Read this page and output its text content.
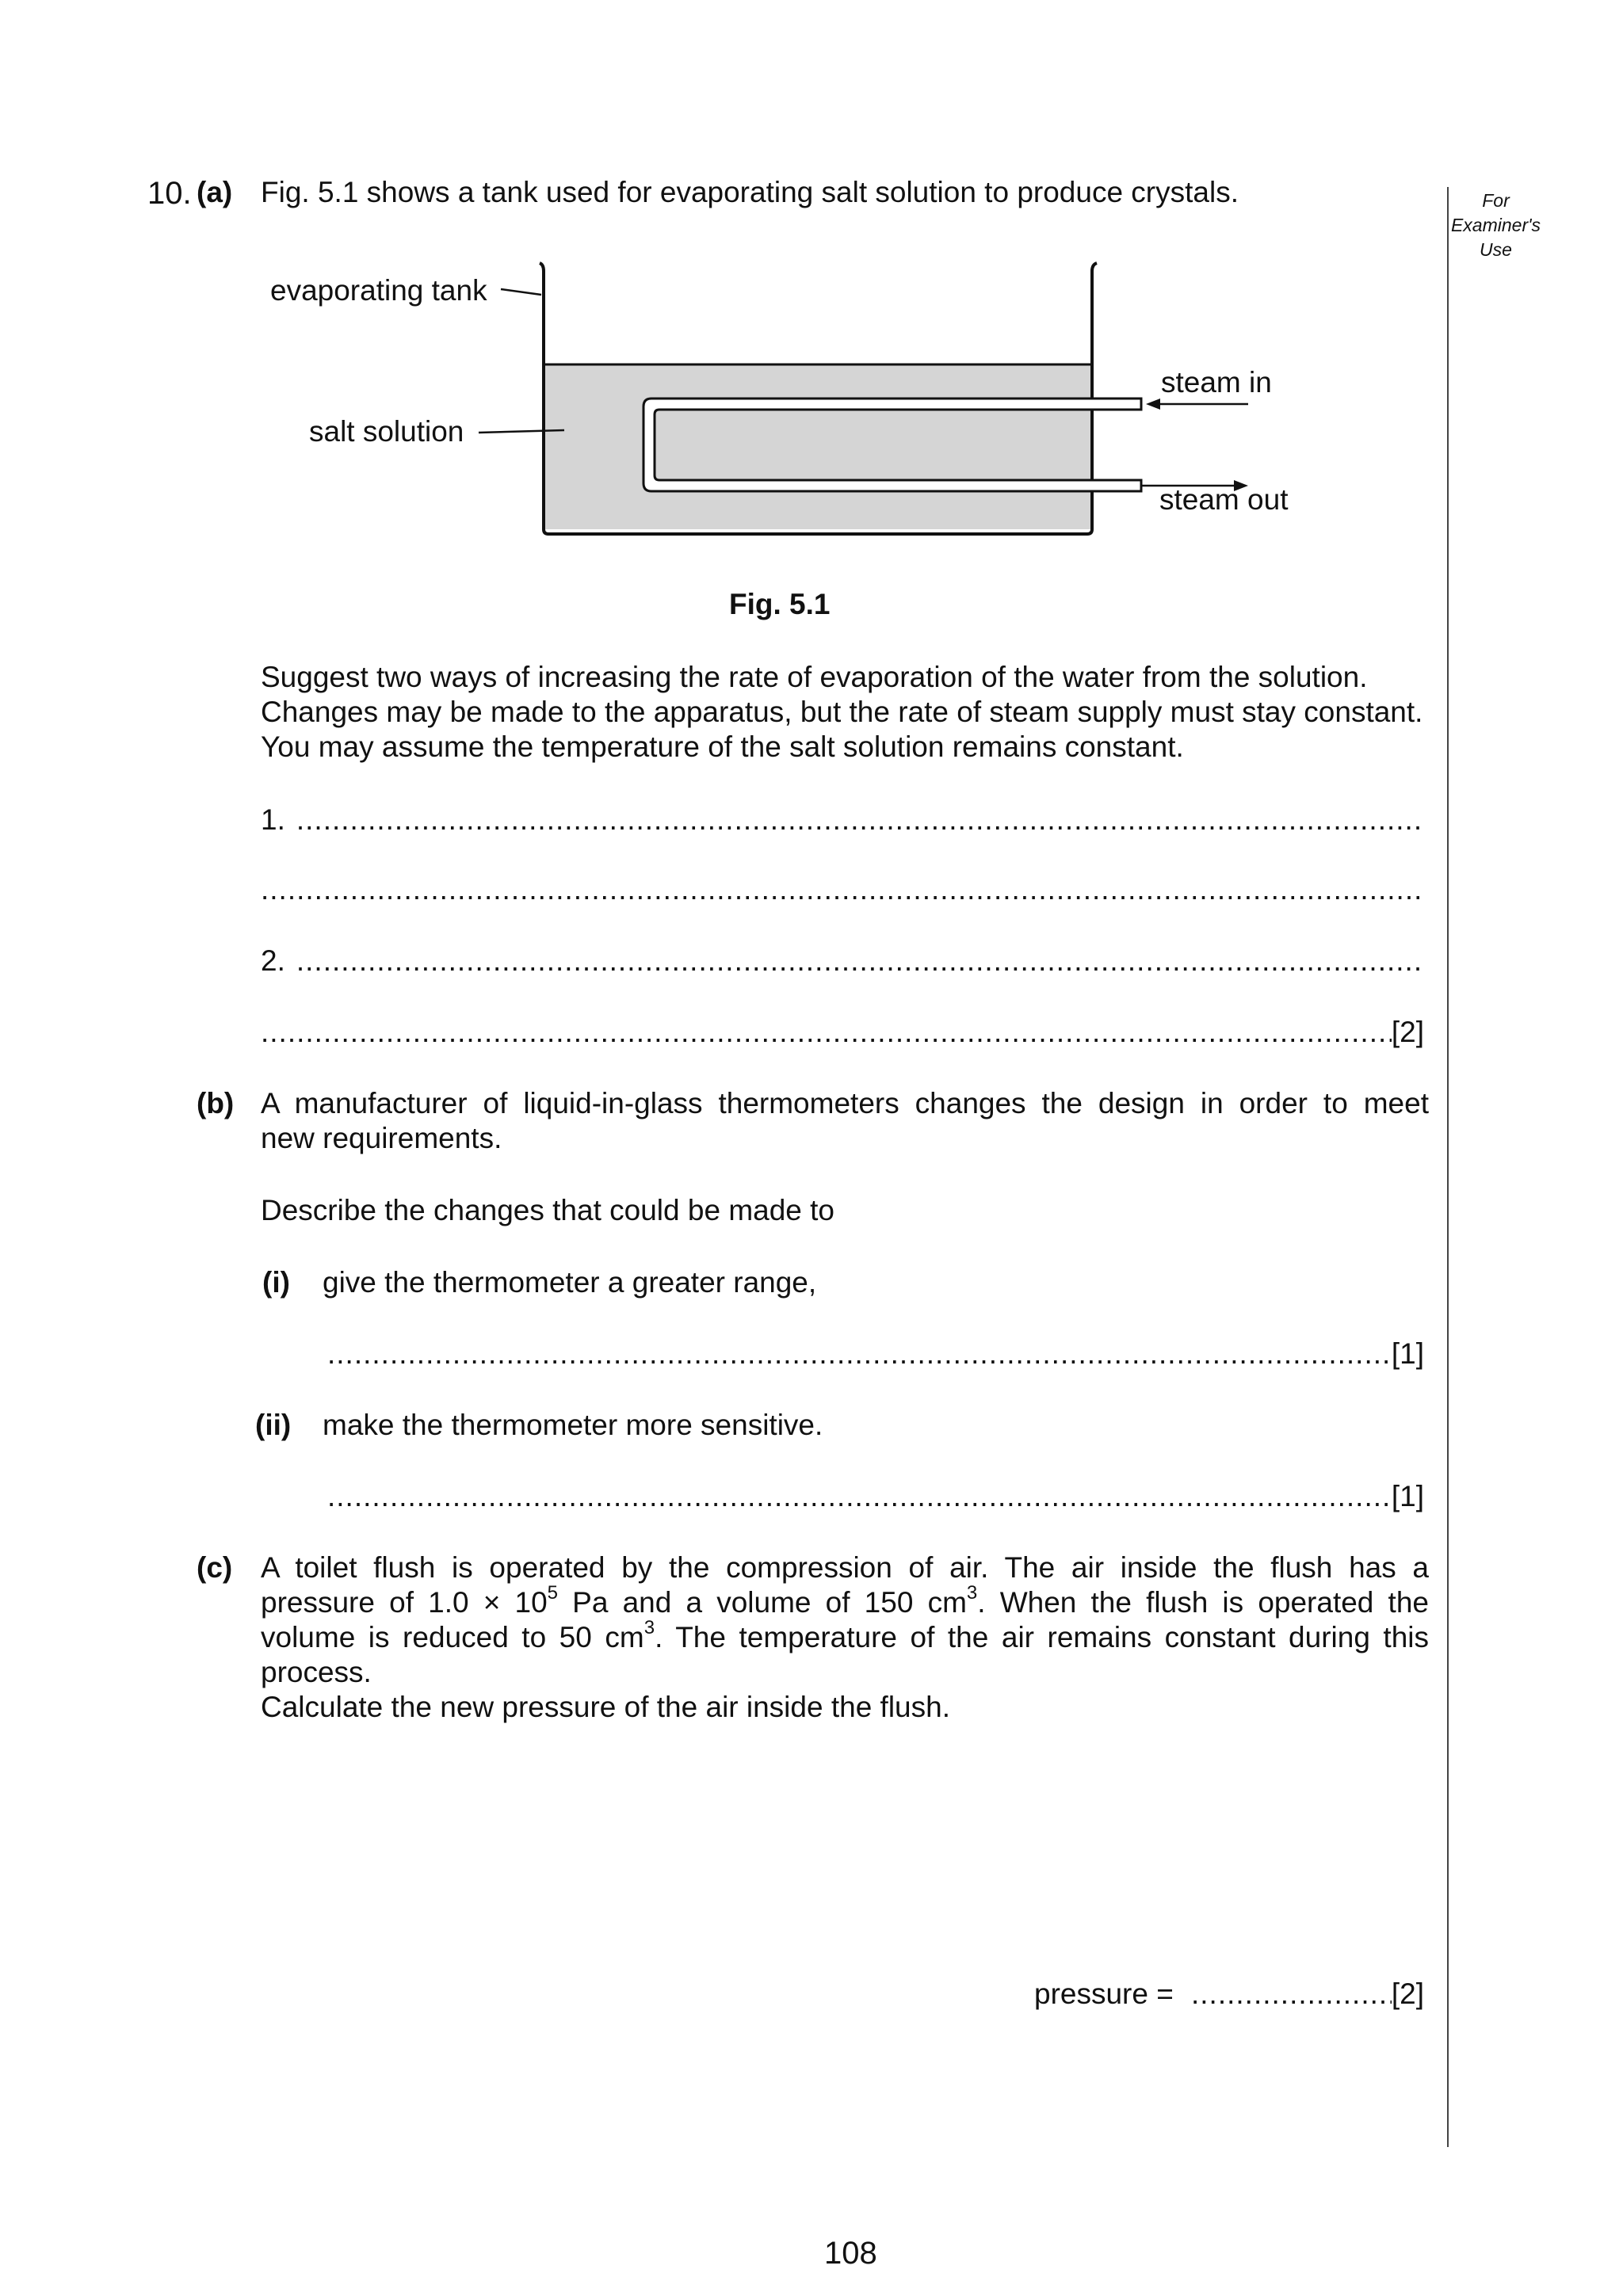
For
Examiner's
Use
10. (a) Fig. 5.1 shows a tank used for evaporating salt solution to produce crystals.
evaporating tank
salt solution
steam in
steam out
Fig. 5.1
Suggest two ways of increasing the rate of evaporation of the water from the solution.
Changes may be made to the apparatus, but the rate of steam supply must stay constant.
You may assume the temperature of the salt solution remains constant.
1.
.....
.....
2.
.....
.....
[2]
(b) A manufacturer of liquid-in-glass thermometers changes the design in order to meet
new requirements.
Describe the changes that could be made to
(i) give the thermometer a greater range,
.....
[1]
(ii) make the thermometer more sensitive.
.....
[1]
(c) A toilet flush is operated by the compression of air. The air inside the flush has a
pressure of $1.0 \times 10^5$ Pa and a volume of 150 $cm^3$. When the flush is operated the
volume is reduced to 50 $cm^3$. The temperature of the air remains constant during this
process.
Calculate the new pressure of the air inside the flush.
pressure =
.....	[2]
108
